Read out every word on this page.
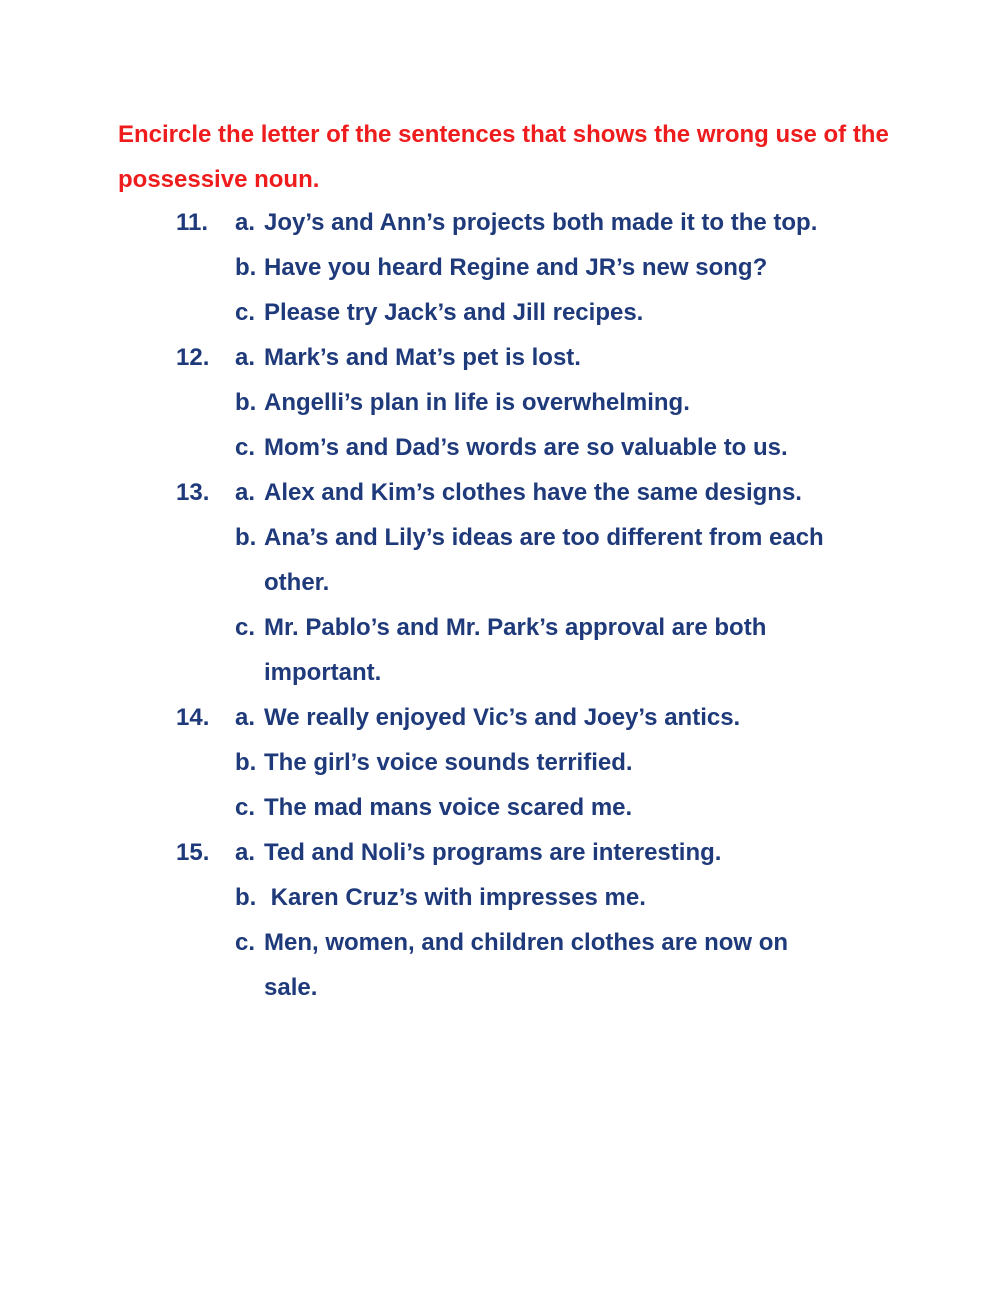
Encircle the letter of the sentences that shows the wrong use of the possessive noun.

11. a. Joy’s and Ann’s projects both made it to the top.
b. Have you heard Regine and JR’s new song?
c. Please try Jack’s and Jill recipes.
12. a. Mark’s and Mat’s pet is lost.
b. Angelli’s plan in life is overwhelming.
c. Mom’s and Dad’s words are so valuable to us.
13. a. Alex and Kim’s clothes have the same designs.
b. Ana’s and Lily’s ideas are too different from each
other.
c. Mr. Pablo’s and Mr. Park’s approval are both
important.
14. a. We really enjoyed Vic’s and Joey’s antics.
b. The girl’s voice sounds terrified.
c. The mad mans voice scared me.
15. a. Ted and Noli’s programs are interesting.
b. Karen Cruz’s with impresses me.
c. Men, women, and children clothes are now on
sale.
